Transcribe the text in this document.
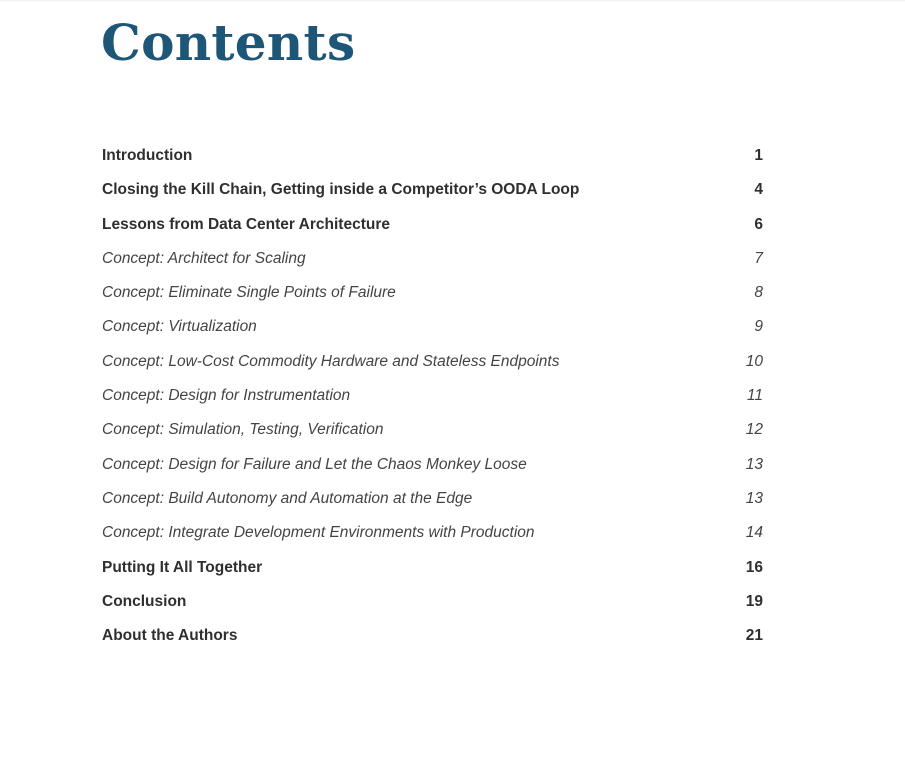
Contents
Introduction	1
Closing the Kill Chain, Getting inside a Competitor’s OODA Loop	4
Lessons from Data Center Architecture	6
Concept: Architect for Scaling	7
Concept: Eliminate Single Points of Failure	8
Concept: Virtualization	9
Concept: Low-Cost Commodity Hardware and Stateless Endpoints	10
Concept: Design for Instrumentation	11
Concept: Simulation, Testing, Verification	12
Concept: Design for Failure and Let the Chaos Monkey Loose	13
Concept: Build Autonomy and Automation at the Edge	13
Concept: Integrate Development Environments with Production	14
Putting It All Together	16
Conclusion	19
About the Authors	21
